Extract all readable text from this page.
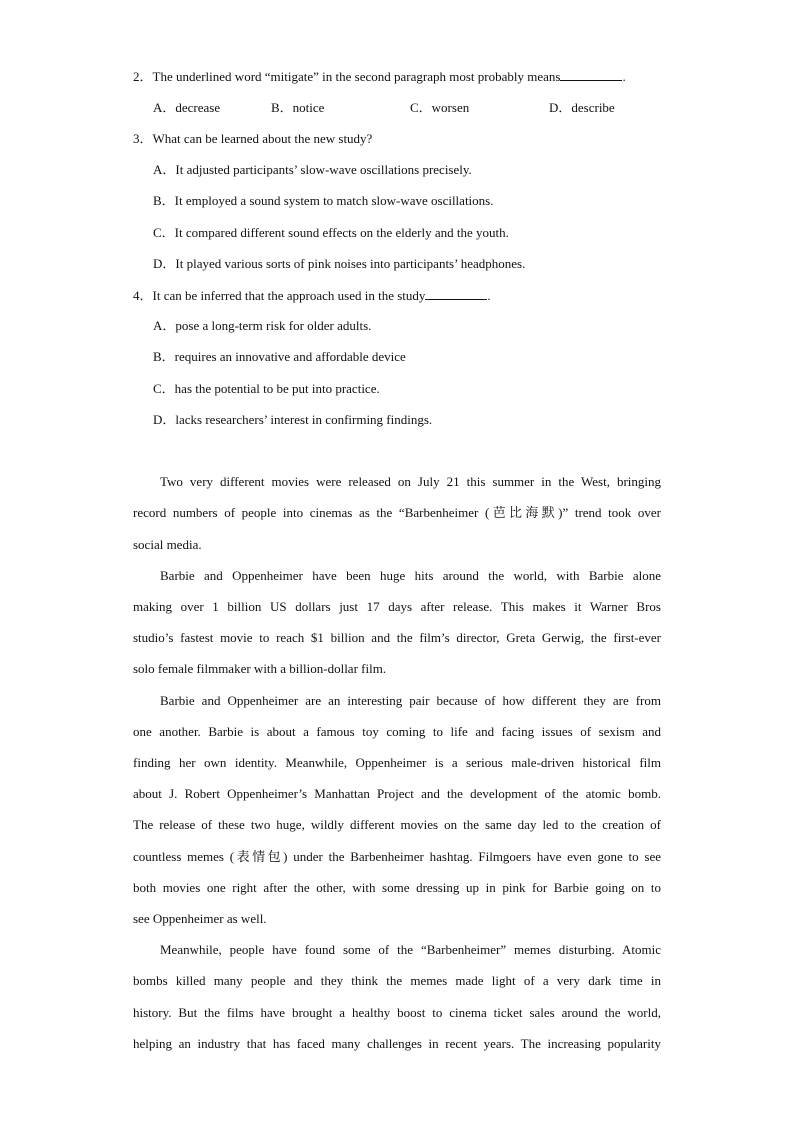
2．The underlined word “mitigate” in the second paragraph most probably means	.
A．decrease	B．notice	C．worsen	D．describe
3．What can be learned about the new study?
A．It adjusted participants’ slow-wave oscillations precisely.
B．It employed a sound system to match slow-wave oscillations.
C．It compared different sound effects on the elderly and the youth.
D．It played various sorts of pink noises into participants’ headphones.
4．It can be inferred that the approach used in the study	.
A．pose a long-term risk for older adults.
B．requires an innovative and affordable device
C．has the potential to be put into practice.
D．lacks researchers’ interest in confirming findings.
Two very different movies were released on July 21 this summer in the West, bringing
record numbers of people into cinemas as the “Barbenheimer (芭比海默)” trend took over
social media.
Barbie and Oppenheimer have been huge hits around the world, with Barbie alone
making over 1 billion US dollars just 17 days after release. This makes it Warner Bros
studio’s fastest movie to reach $1 billion and the film’s director, Greta Gerwig, the first-ever
solo female filmmaker with a billion-dollar film.
Barbie and Oppenheimer are an interesting pair because of how different they are from
one another. Barbie is about a famous toy coming to life and facing issues of sexism and
finding her own identity. Meanwhile, Oppenheimer is a serious male-driven historical film
about J. Robert Oppenheimer’s Manhattan Project and the development of the atomic bomb.
The release of these two huge, wildly different movies on the same day led to the creation of
countless memes (表情包) under the Barbenheimer hashtag. Filmgoers have even gone to see
both movies one right after the other, with some dressing up in pink for Barbie going on to
see Oppenheimer as well.
Meanwhile, people have found some of the “Barbenheimer” memes disturbing. Atomic
bombs killed many people and they think the memes made light of a very dark time in
history. But the films have brought a healthy boost to cinema ticket sales around the world,
helping an industry that has faced many challenges in recent years. The increasing popularity
